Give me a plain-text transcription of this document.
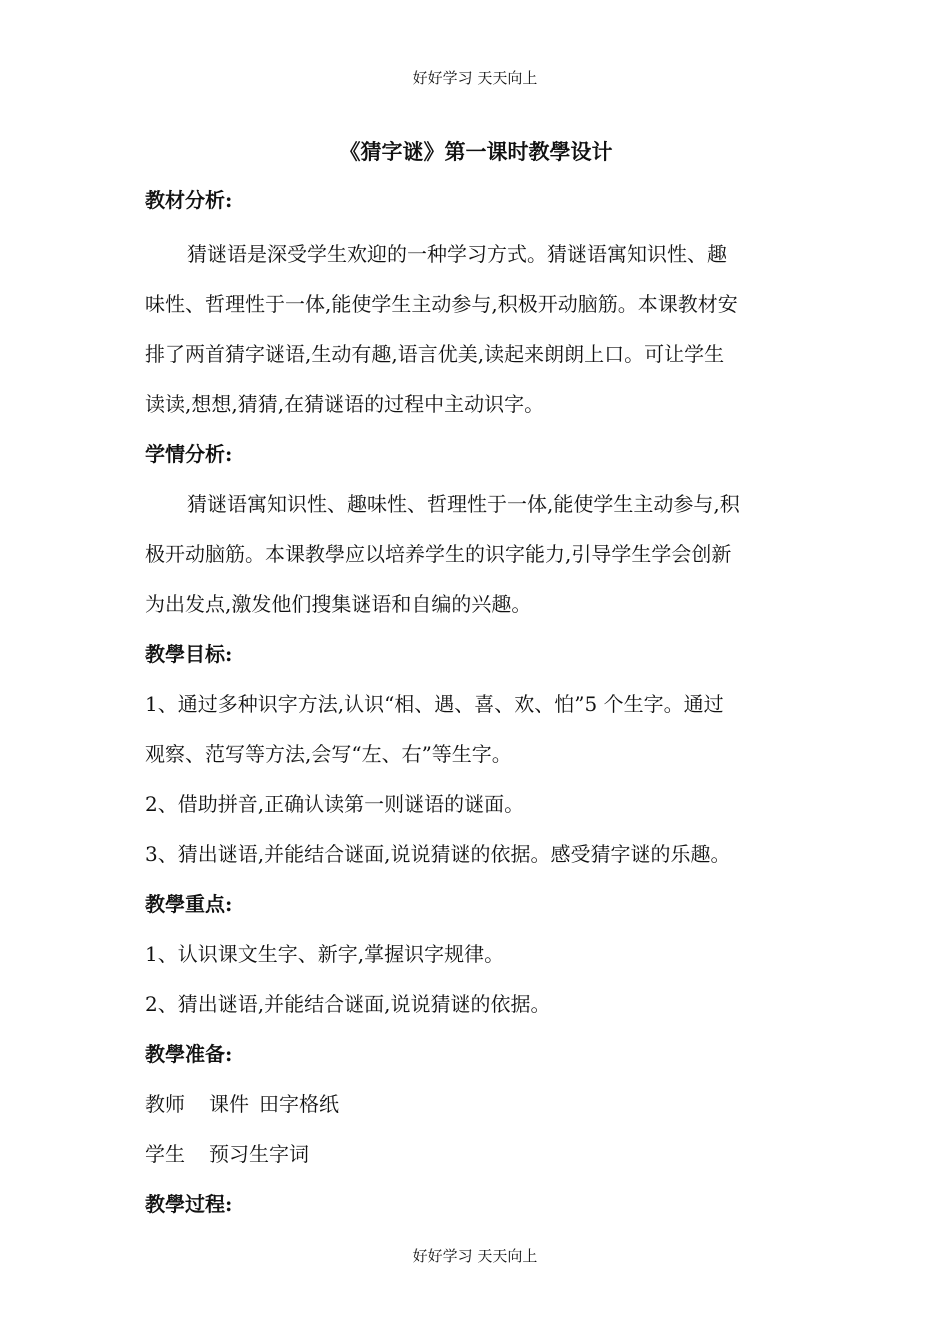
好好学习 天天向上
《猜字谜》第一课时教學设计
教材分析:
猜谜语是深受学生欢迎的一种学习方式。猜谜语寓知识性、趣
味性、哲理性于一体,能使学生主动参与,积极开动脑筋。本课教材安
排了两首猜字谜语,生动有趣,语言优美,读起来朗朗上口。可让学生
读读,想想,猜猜,在猜谜语的过程中主动识字。
学情分析:
猜谜语寓知识性、趣味性、哲理性于一体,能使学生主动参与,积
极开动脑筋。本课教學应以培养学生的识字能力,引导学生学会创新
为出发点,激发他们搜集谜语和自编的兴趣。
教學目标:
1、通过多种识字方法,认识“相、遇、喜、欢、怕”5 个生字。通过
观察、范写等方法,会写“左、右”等生字。
2、借助拼音,正确认读第一则谜语的谜面。
3、猜出谜语,并能结合谜面,说说猜谜的依据。感受猜字谜的乐趣。
教學重点:
1、认识课文生字、新字,掌握识字规律。
2、猜出谜语,并能结合谜面,说说猜谜的依据。
教學准备:
教师 课件 田字格纸
学生 预习生字词
教學过程:
好好学习 天天向上
